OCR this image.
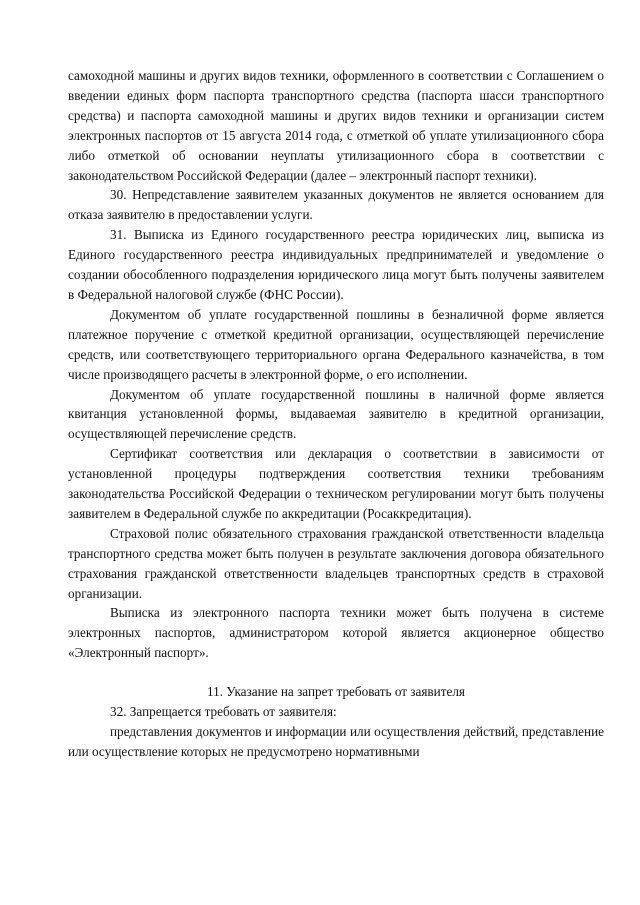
самоходной машины и других видов техники, оформленного в соответствии с Соглашением о введении единых форм паспорта транспортного средства (паспорта шасси транспортного средства) и паспорта самоходной машины и других видов техники и организации систем электронных паспортов от 15 августа 2014 года, с отметкой об уплате утилизационного сбора либо отметкой об основании неуплаты утилизационного сбора в соответствии с законодательством Российской Федерации (далее – электронный паспорт техники).

30. Непредставление заявителем указанных документов не является основанием для отказа заявителю в предоставлении услуги.

31. Выписка из Единого государственного реестра юридических лиц, выписка из Единого государственного реестра индивидуальных предпринимателей и уведомление о создании обособленного подразделения юридического лица могут быть получены заявителем в Федеральной налоговой службе (ФНС России).

Документом об уплате государственной пошлины в безналичной форме является платежное поручение с отметкой кредитной организации, осуществляющей перечисление средств, или соответствующего территориального органа Федерального казначейства, в том числе производящего расчеты в электронной форме, о его исполнении.

Документом об уплате государственной пошлины в наличной форме является квитанция установленной формы, выдаваемая заявителю в кредитной организации, осуществляющей перечисление средств.

Сертификат соответствия или декларация о соответствии в зависимости от установленной процедуры подтверждения соответствия техники требованиям законодательства Российской Федерации о техническом регулировании могут быть получены заявителем в Федеральной службе по аккредитации (Росаккредитация).

Страховой полис обязательного страхования гражданской ответственности владельца транспортного средства может быть получен в результате заключения договора обязательного страхования гражданской ответственности владельцев транспортных средств в страховой организации.

Выписка из электронного паспорта техники может быть получена в системе электронных паспортов, администратором которой является акционерное общество «Электронный паспорт».

11. Указание на запрет требовать от заявителя

32. Запрещается требовать от заявителя:

представления документов и информации или осуществления действий, представление или осуществление которых не предусмотрено нормативными
